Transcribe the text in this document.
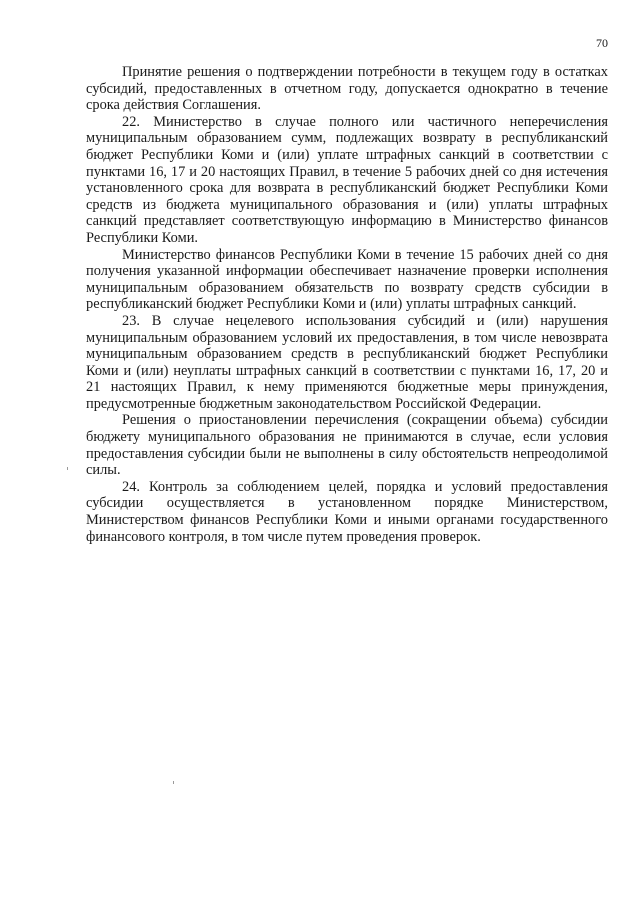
70

Принятие решения о подтверждении потребности в текущем году в остатках субсидий, предоставленных в отчетном году, допускается однократно в течение срока действия Соглашения.

22. Министерство в случае полного или частичного неперечисления муниципальным образованием сумм, подлежащих возврату в республиканский бюджет Республики Коми и (или) уплате штрафных санкций в соответствии с пунктами 16, 17 и 20 настоящих Правил, в течение 5 рабочих дней со дня истечения установленного срока для возврата в республиканский бюджет Республики Коми средств из бюджета муниципального образования и (или) уплаты штрафных санкций представляет соответствующую информацию в Министерство финансов Республики Коми.

Министерство финансов Республики Коми в течение 15 рабочих дней со дня получения указанной информации обеспечивает назначение проверки исполнения муниципальным образованием обязательств по возврату средств субсидии в республиканский бюджет Республики Коми и (или) уплаты штрафных санкций.

23. В случае нецелевого использования субсидий и (или) нарушения муниципальным образованием условий их предоставления, в том числе невозврата муниципальным образованием средств в республиканский бюджет Республики Коми и (или) неуплаты штрафных санкций в соответствии с пунктами 16, 17, 20 и 21 настоящих Правил, к нему применяются бюджетные меры принуждения, предусмотренные бюджетным законодательством Российской Федерации.

Решения о приостановлении перечисления (сокращении объема) субсидии бюджету муниципального образования не принимаются в случае, если условия предоставления субсидии были не выполнены в силу обстоятельств непреодолимой силы.

24. Контроль за соблюдением целей, порядка и условий предоставления субсидии осуществляется в установленном порядке Министерством, Министерством финансов Республики Коми и иными органами государственного финансового контроля, в том числе путем проведения проверок.
